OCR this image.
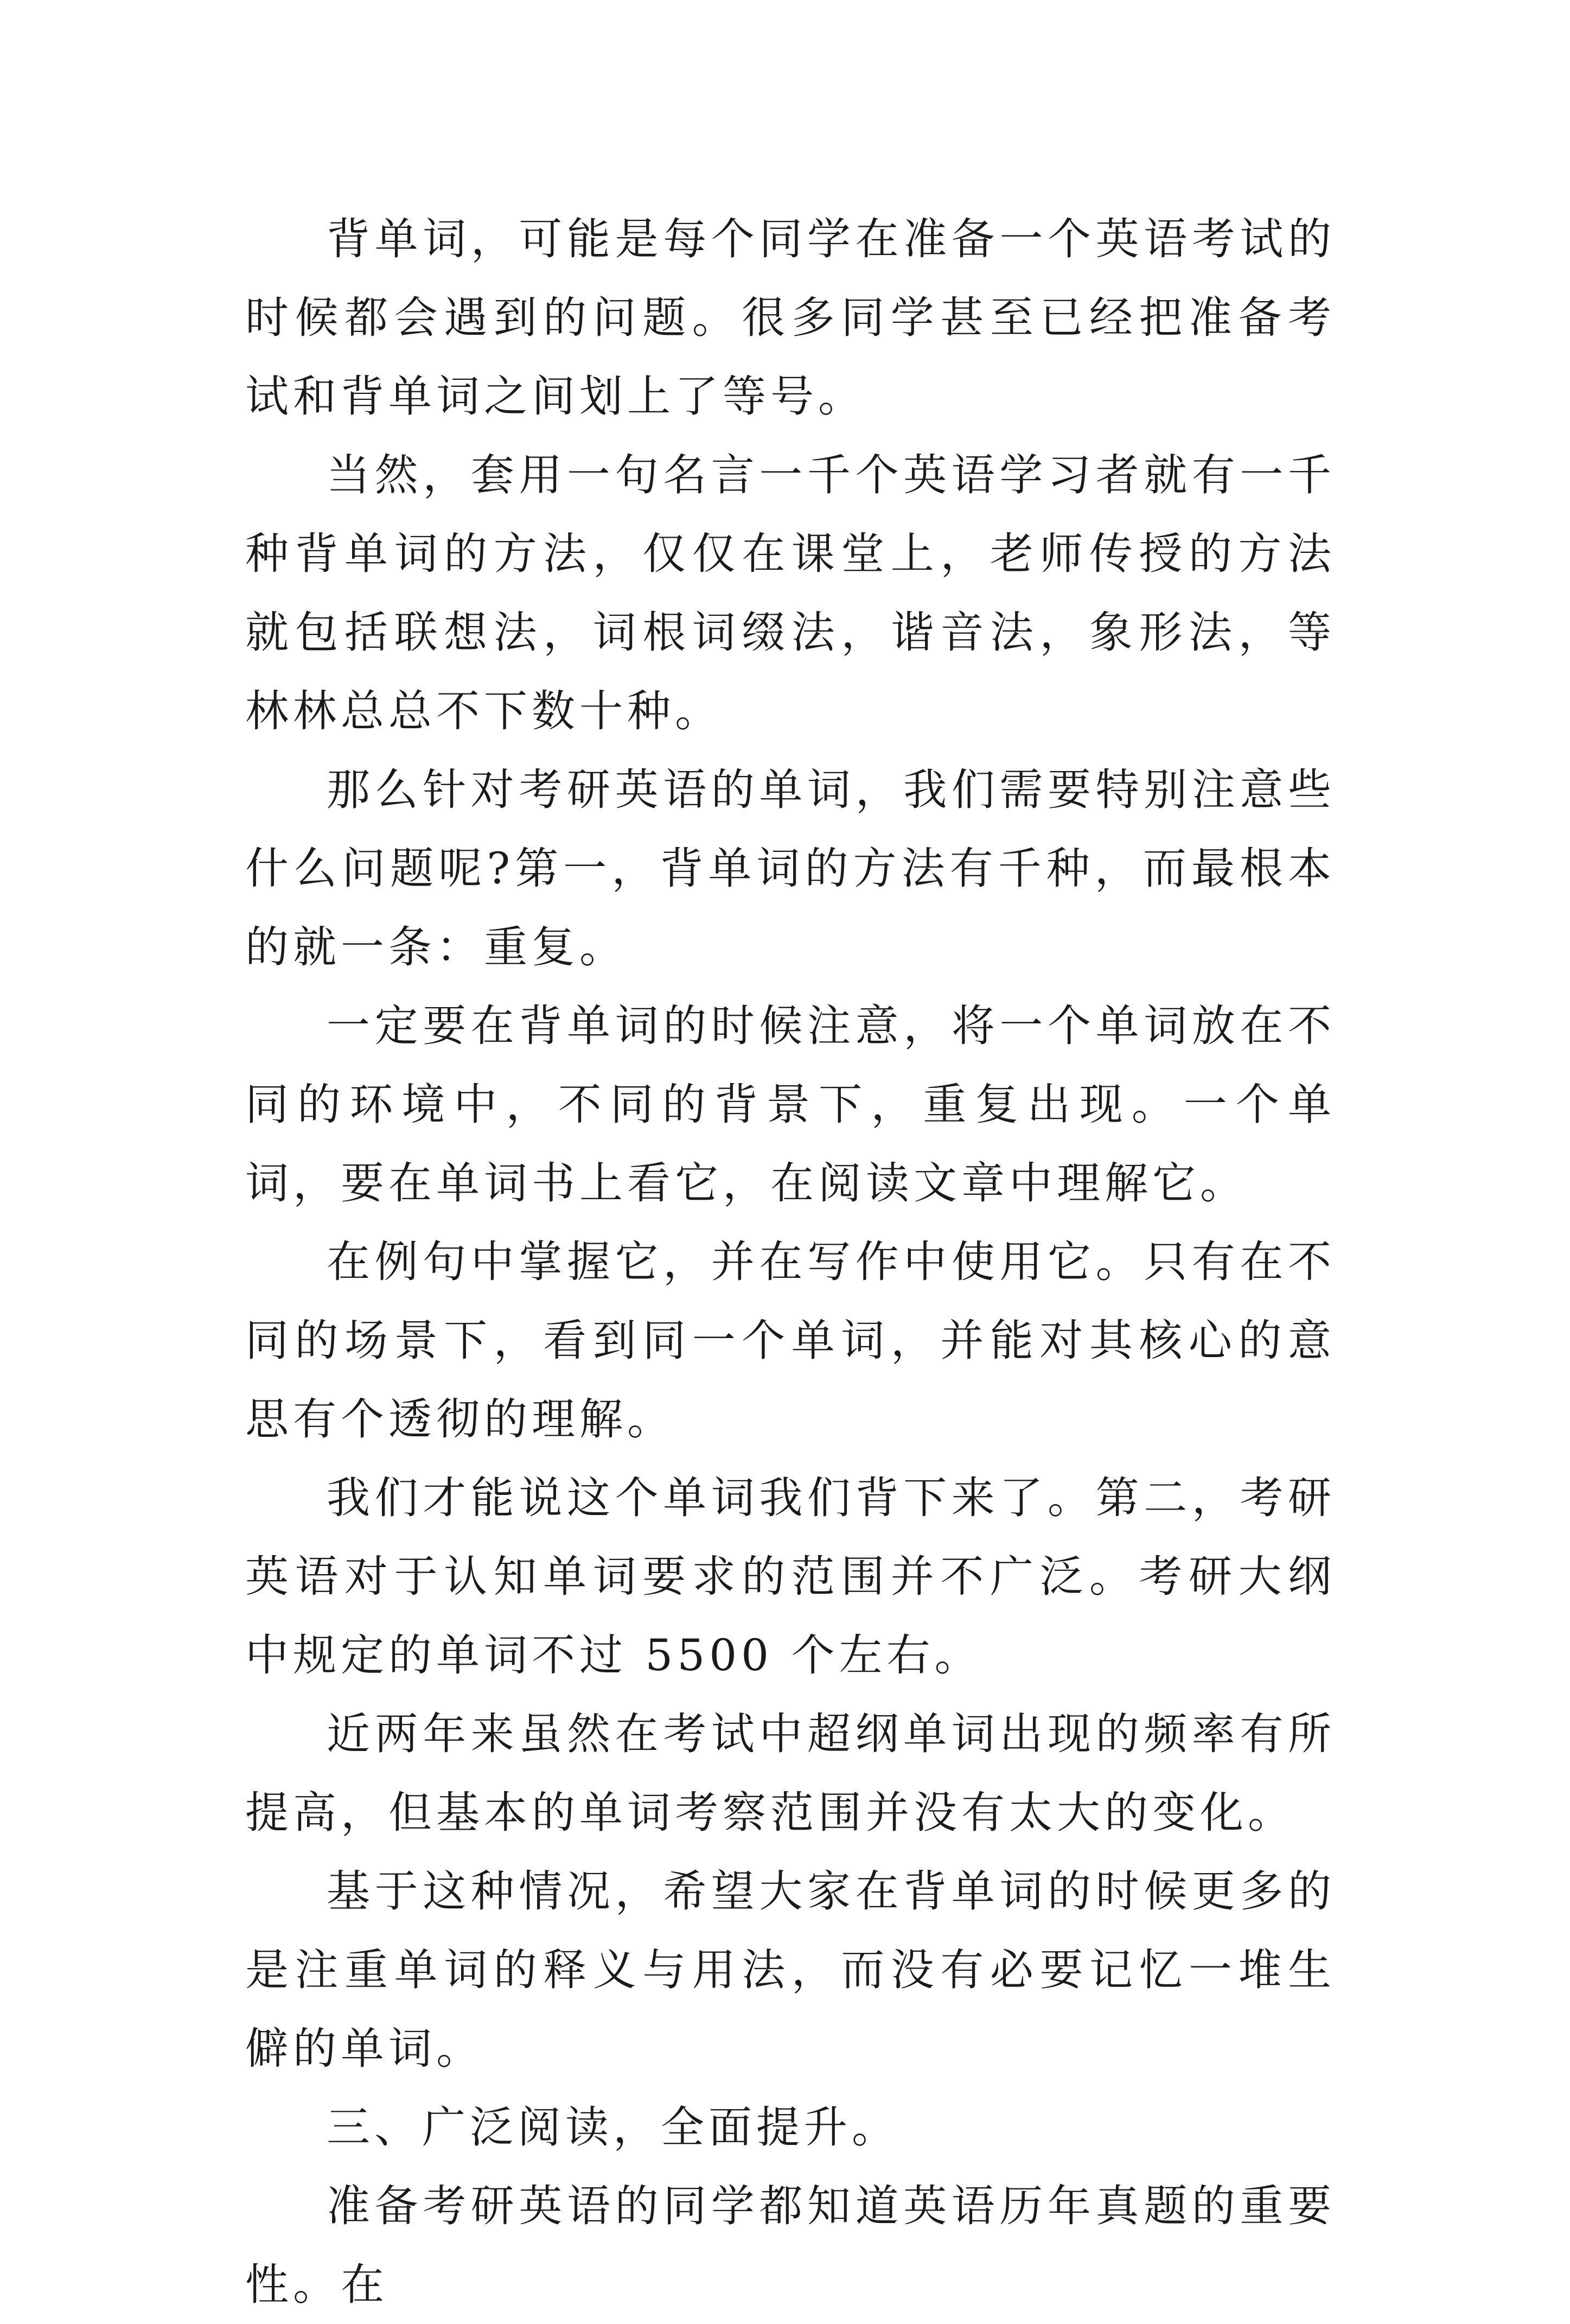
背单词，可能是每个同学在准备一个英语考试的时候都会遇到的问题。很多同学甚至已经把准备考试和背单词之间划上了等号。

当然，套用一句名言一千个英语学习者就有一千种背单词的方法，仅仅在课堂上，老师传授的方法就包括联想法，词根词缀法，谐音法，象形法，等林林总总不下数十种。

那么针对考研英语的单词，我们需要特别注意些什么问题呢?第一，背单词的方法有千种，而最根本的就一条：重复。

一定要在背单词的时候注意，将一个单词放在不同的环境中，不同的背景下，重复出现。一个单词，要在单词书上看它，在阅读文章中理解它。

在例句中掌握它，并在写作中使用它。只有在不同的场景下，看到同一个单词，并能对其核心的意思有个透彻的理解。

我们才能说这个单词我们背下来了。第二，考研英语对于认知单词要求的范围并不广泛。考研大纲中规定的单词不过 5500 个左右。

近两年来虽然在考试中超纲单词出现的频率有所提高，但基本的单词考察范围并没有太大的变化。

基于这种情况，希望大家在背单词的时候更多的是注重单词的释义与用法，而没有必要记忆一堆生僻的单词。

三、广泛阅读，全面提升。

准备考研英语的同学都知道英语历年真题的重要性。在
